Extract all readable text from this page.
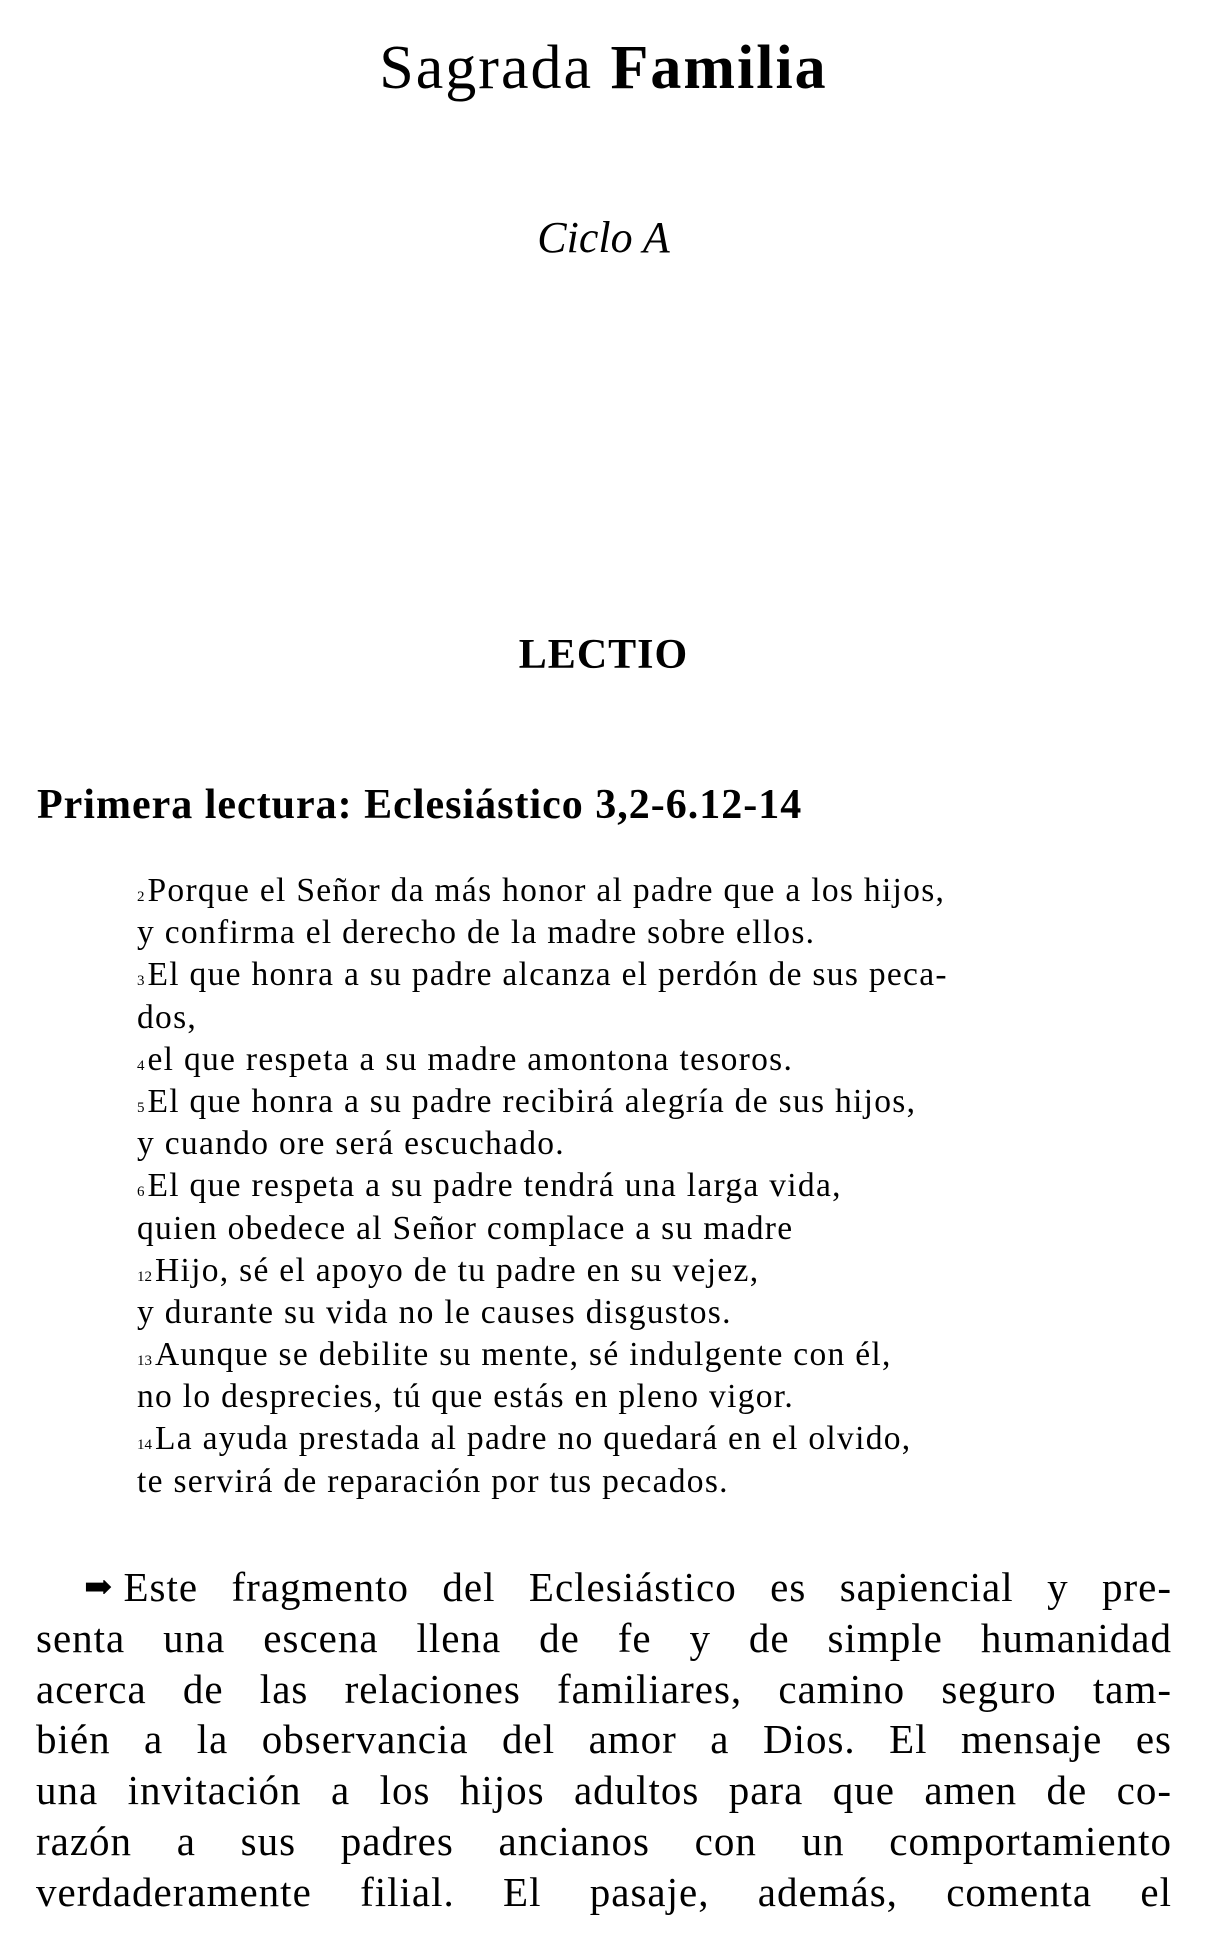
Sagrada Familia
Ciclo A
LECTIO
Primera lectura: Eclesiástico 3,2-6.12-14
2Porque el Señor da más honor al padre que a los hijos,
y confirma el derecho de la madre sobre ellos.
3El que honra a su padre alcanza el perdón de sus peca-
dos,
4el que respeta a su madre amontona tesoros.
5El que honra a su padre recibirá alegría de sus hijos,
y cuando ore será escuchado.
6El que respeta a su padre tendrá una larga vida,
quien obedece al Señor complace a su madre
12Hijo, sé el apoyo de tu padre en su vejez,
y durante su vida no le causes disgustos.
13Aunque se debilite su mente, sé indulgente con él,
no lo desprecies, tú que estás en pleno vigor.
14La ayuda prestada al padre no quedará en el olvido,
te servirá de reparación por tus pecados.
➡ Este fragmento del Eclesiástico es sapiencial y pre-
senta una escena llena de fe y de simple humanidad
acerca de las relaciones familiares, camino seguro tam-
bién a la observancia del amor a Dios. El mensaje es
una invitación a los hijos adultos para que amen de co-
razón a sus padres ancianos con un comportamiento
verdaderamente filial. El pasaje, además, comenta el
